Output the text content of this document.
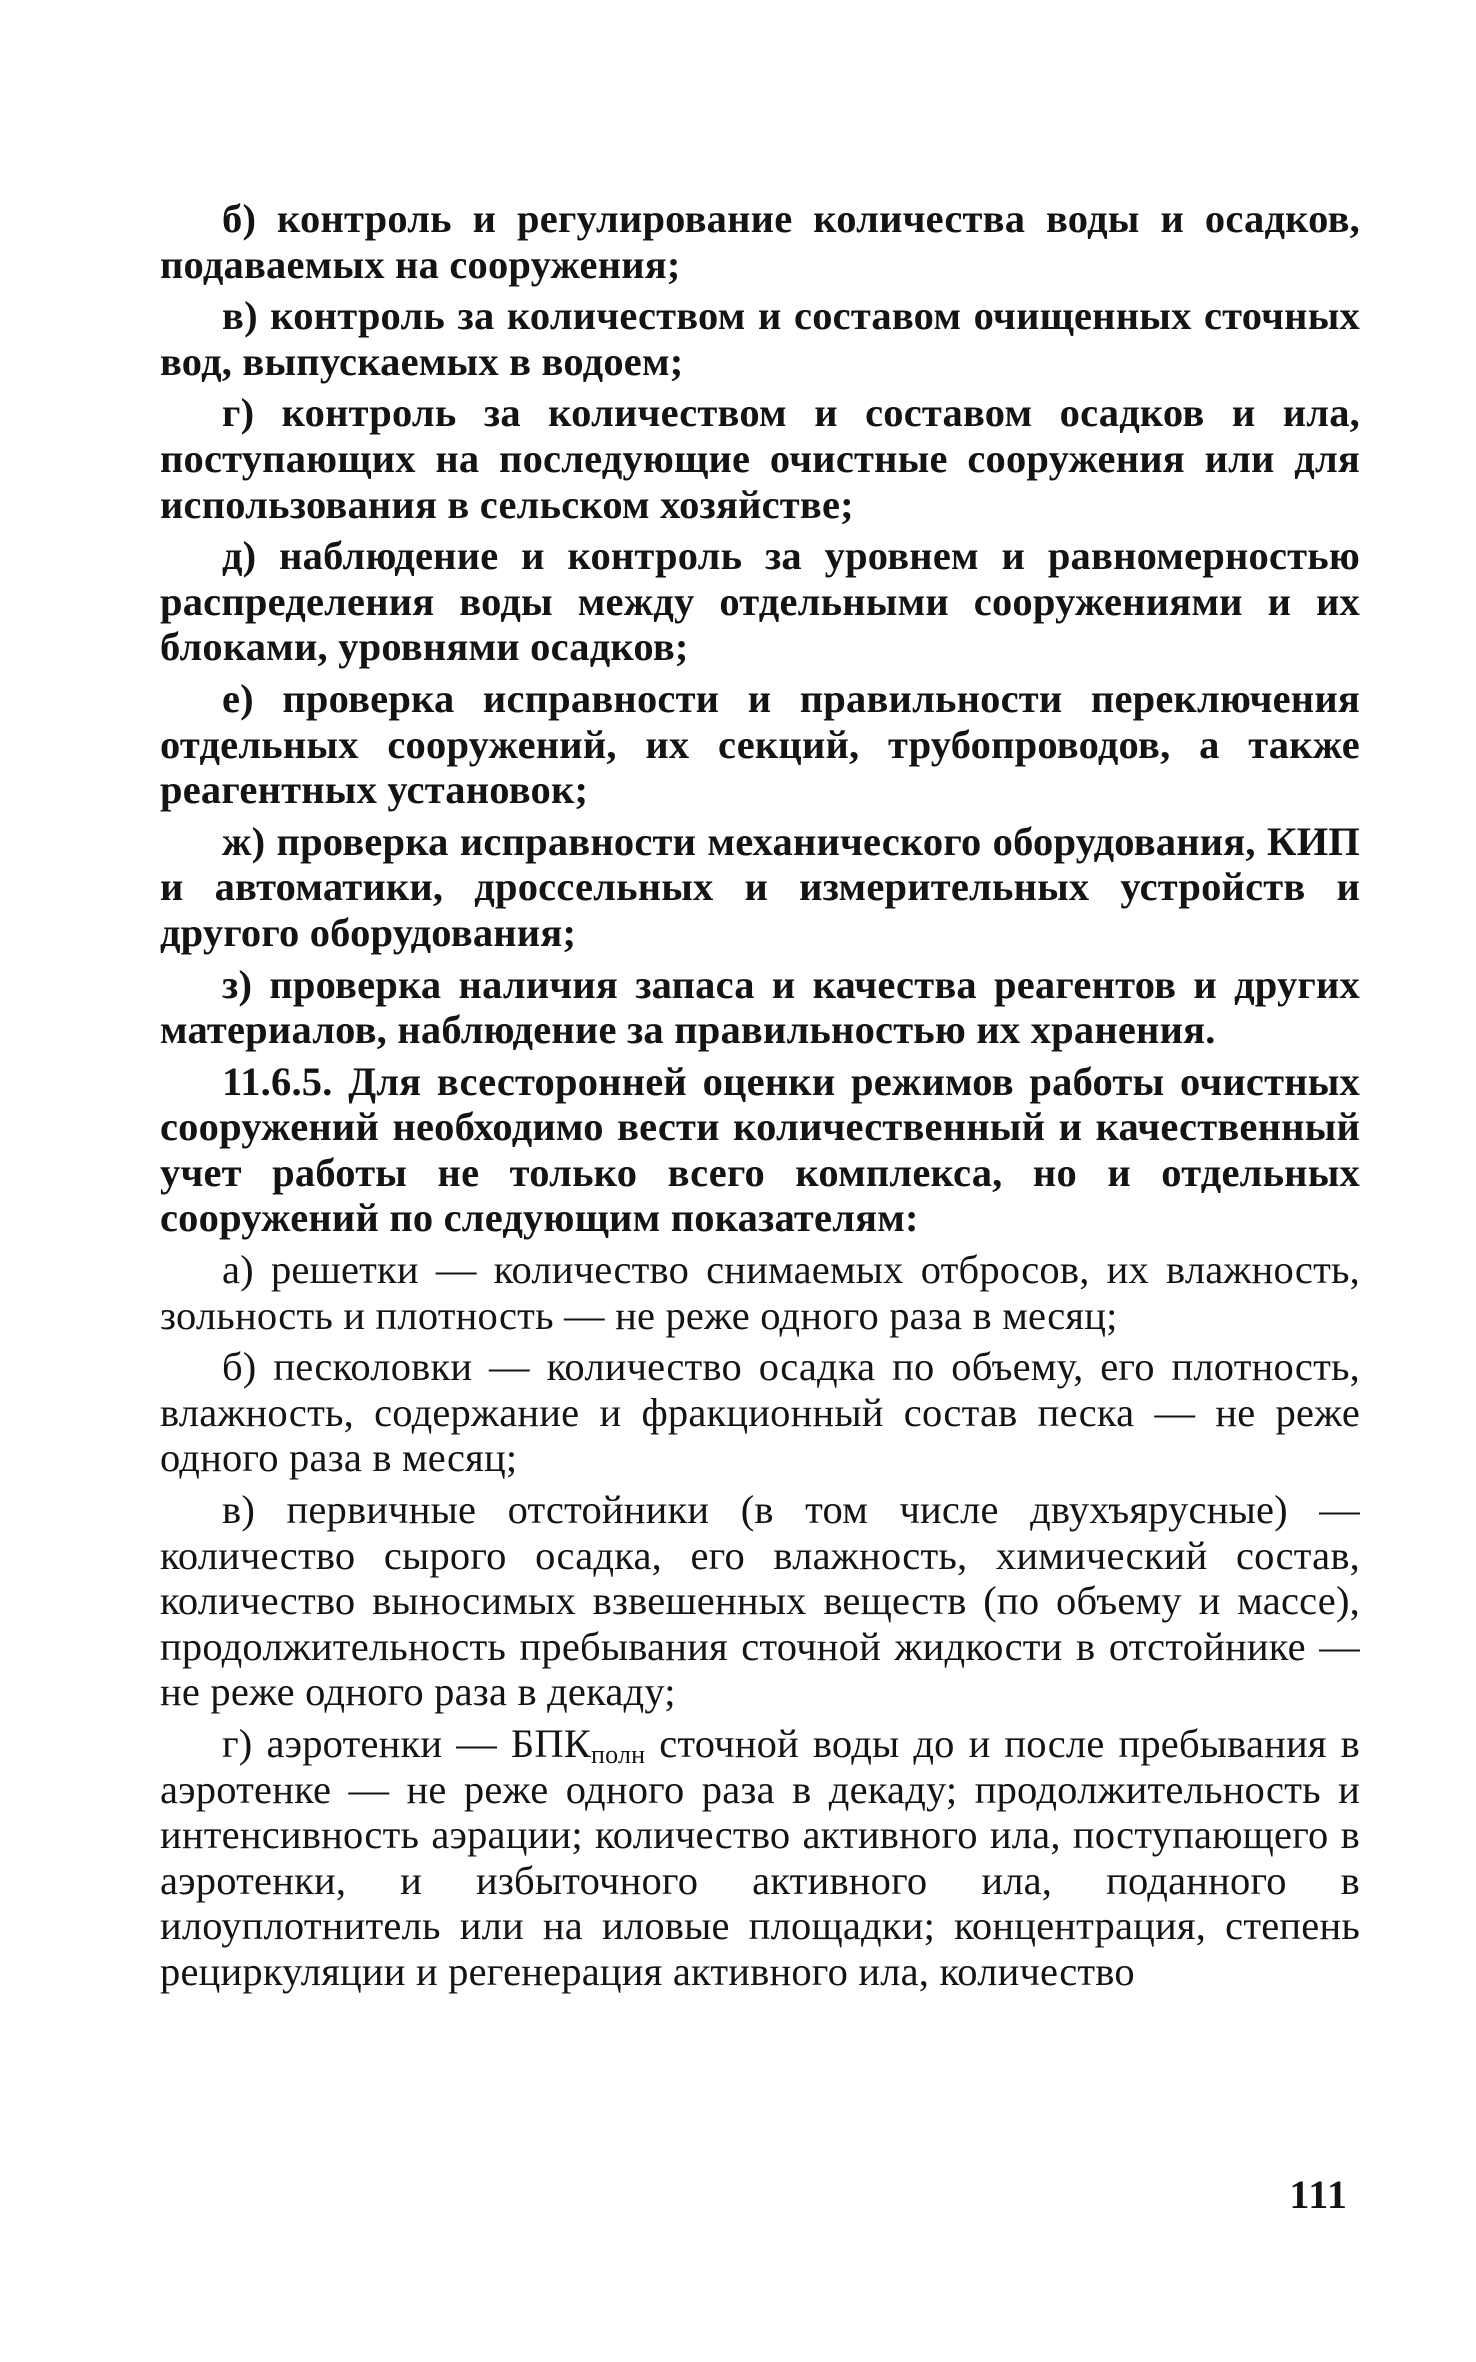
б) контроль и регулирование количества воды и осадков, подаваемых на сооружения;

в) контроль за количеством и составом очищенных сточных вод, выпускаемых в водоем;

г) контроль за количеством и составом осадков и ила, поступающих на последующие очистные сооружения или для использования в сельском хозяйстве;

д) наблюдение и контроль за уровнем и равномерностью распределения воды между отдельными сооружениями и их блоками, уровнями осадков;

е) проверка исправности и правильности переключения отдельных сооружений, их секций, трубопроводов, а также реагентных установок;

ж) проверка исправности механического оборудования, КИП и автоматики, дроссельных и измерительных устройств и другого оборудования;

з) проверка наличия запаса и качества реагентов и других материалов, наблюдение за правильностью их хранения.

11.6.5. Для всесторонней оценки режимов работы очистных сооружений необходимо вести количественный и качественный учет работы не только всего комплекса, но и отдельных сооружений по следующим показателям:

а) решетки — количество снимаемых отбросов, их влажность, зольность и плотность — не реже одного раза в месяц;

б) песколовки — количество осадка по объему, его плотность, влажность, содержание и фракционный состав песка — не реже одного раза в месяц;

в) первичные отстойники (в том числе двухъярусные) — количество сырого осадка, его влажность, химический состав, количество выносимых взвешенных веществ (по объему и массе), продолжительность пребывания сточной жидкости в отстойнике — не реже одного раза в декаду;

г) аэротенки — $БПК_{полн}$ сточной воды до и после пребывания в аэротенке — не реже одного раза в декаду; продолжительность и интенсивность аэрации; количество активного ила, поступающего в аэротенки, и избыточного активного ила, поданного в илоуплотнитель или на иловые площадки; концентрация, степень рециркуляции и регенерация активного ила, количество

111
